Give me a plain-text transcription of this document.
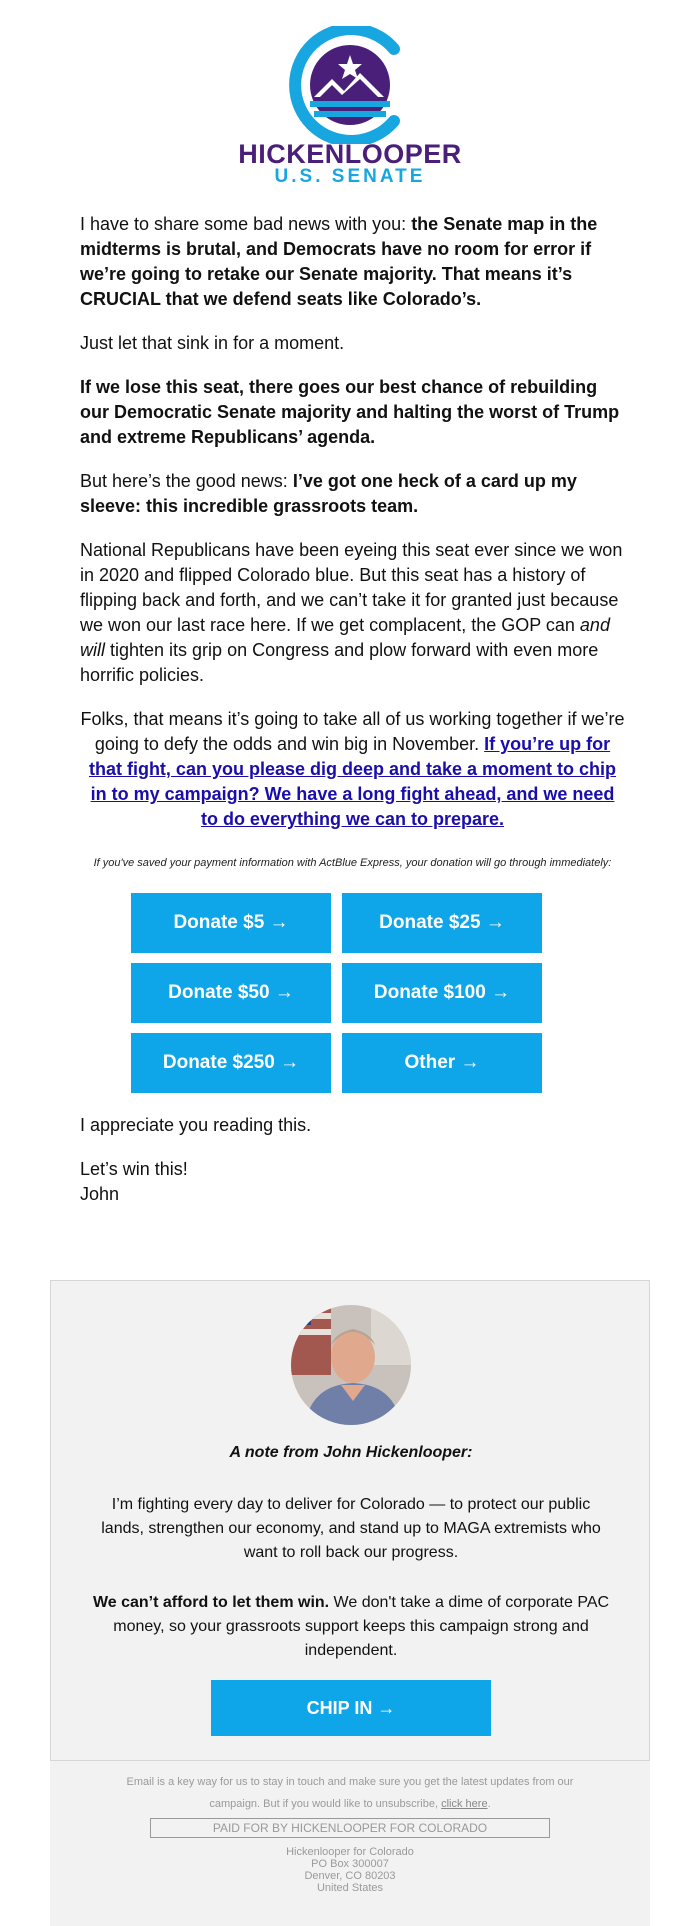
HICKENLOOPER
U.S. SENATE

I have to share some bad news with you: the Senate map in the midterms is brutal, and Democrats have no room for error if we’re going to retake our Senate majority. That means it’s CRUCIAL that we defend seats like Colorado’s.

Just let that sink in for a moment.

If we lose this seat, there goes our best chance of rebuilding our Democratic Senate majority and halting the worst of Trump and extreme Republicans’ agenda.

But here’s the good news: I’ve got one heck of a card up my sleeve: this incredible grassroots team.

National Republicans have been eyeing this seat ever since we won in 2020 and flipped Colorado blue. But this seat has a history of flipping back and forth, and we can’t take it for granted just because we won our last race here. If we get complacent, the GOP can and will tighten its grip on Congress and plow forward with even more horrific policies.

Folks, that means it’s going to take all of us working together if we’re going to defy the odds and win big in November. If you’re up for that fight, can you please dig deep and take a moment to chip in to my campaign? We have a long fight ahead, and we need to do everything we can to prepare.

If you've saved your payment information with ActBlue Express, your donation will go through immediately:

Donate $5 →	Donate $25 →
Donate $50 →	Donate $100 →
Donate $250 →	Other →

I appreciate you reading this.

Let’s win this!
John

A note from John Hickenlooper:
I’m fighting every day to deliver for Colorado — to protect our public lands, strengthen our economy, and stand up to MAGA extremists who want to roll back our progress.
We can’t afford to let them win. We don't take a dime of corporate PAC money, so your grassroots support keeps this campaign strong and independent.
CHIP IN →
Email is a key way for us to stay in touch and make sure you get the latest updates from our campaign. But if you would like to unsubscribe, click here.
PAID FOR BY HICKENLOOPER FOR COLORADO
Hickenlooper for Colorado
PO Box 300007
Denver, CO 80203
United States
